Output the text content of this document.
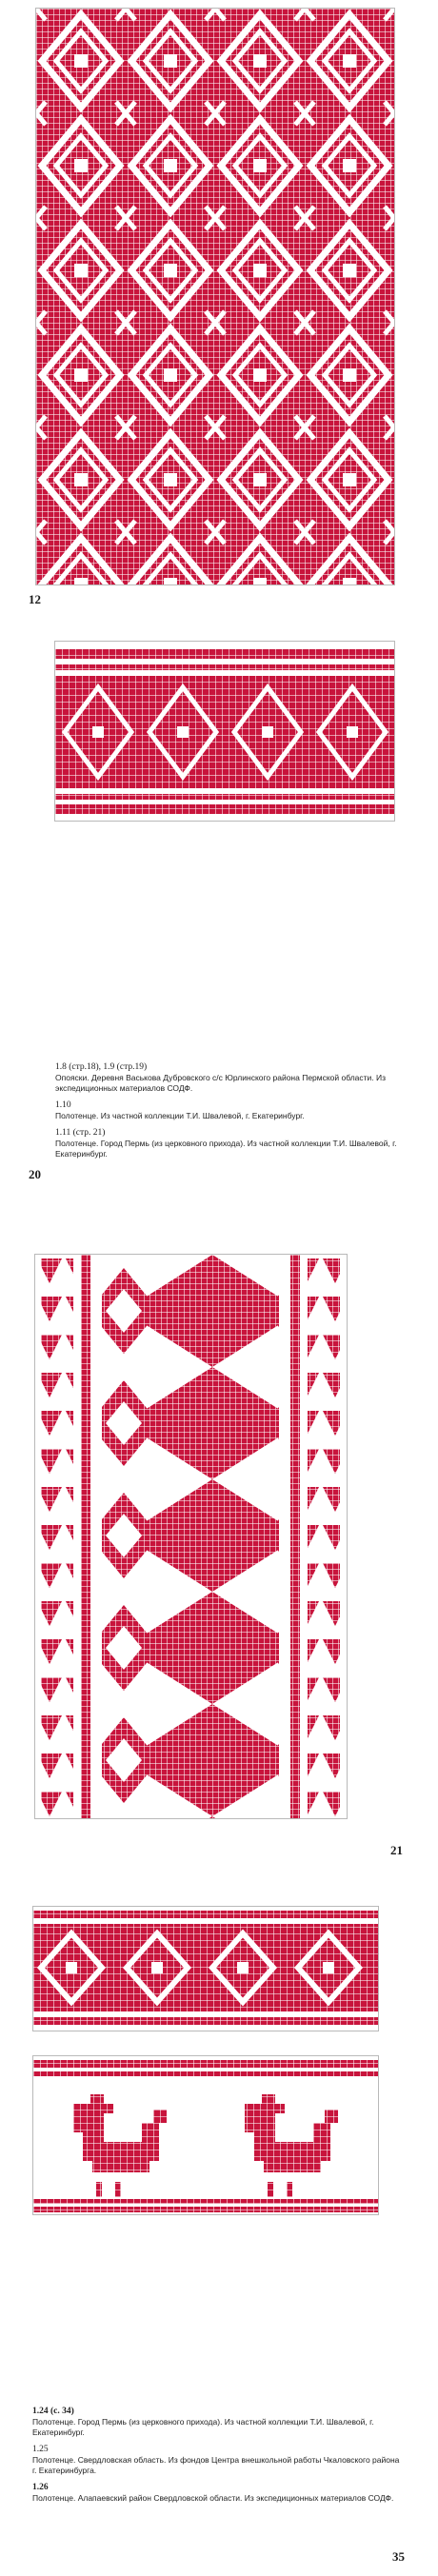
12

1.8 (стр.18), 1.9 (стр.19)
Опояски. Деревня Васькова Дубровского с/с Юрлинского района Пермской области. Из экспедиционных материалов СОДФ.

1.10
Полотенце. Из частной коллекции Т.И. Швалевой, г. Екатеринбург.

1.11 (стр. 21)
Полотенце. Город Пермь (из церковного прихода). Из частной коллекции Т.И. Швалевой, г. Екатеринбург.

20
21

1.24 (с. 34)
Полотенце. Город Пермь (из церковного прихода). Из частной коллекции Т.И. Швалевой, г. Екатеринбург.

1.25
Полотенце. Свердловская область. Из фондов Центра внешкольной работы Чкаловского района г. Екатеринбурга.

1.26
Полотенце. Алапаевский район Свердловской области. Из экспедиционных материалов СОДФ.

35
